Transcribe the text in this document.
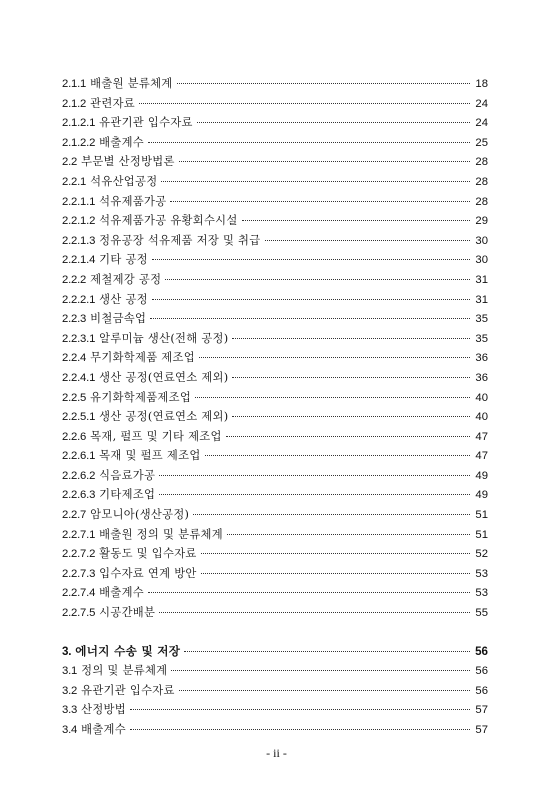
2.1.1 배출원 분류체계	18
2.1.2 관련자료	24
2.1.2.1 유관기관 입수자료	24
2.1.2.2 배출계수	25
2.2 부문별 산정방법론	28
2.2.1 석유산업공정	28
2.2.1.1 석유제품가공	28
2.2.1.2 석유제품가공 유황회수시설	29
2.2.1.3 정유공장 석유제품 저장 및 취급	30
2.2.1.4 기타 공정	30
2.2.2 제철제강 공정	31
2.2.2.1 생산 공정	31
2.2.3 비철금속업	35
2.2.3.1 알루미늄 생산(전해 공정)	35
2.2.4 무기화학제품 제조업	36
2.2.4.1 생산 공정(연료연소 제외)	36
2.2.5 유기화학제품제조업	40
2.2.5.1 생산 공정(연료연소 제외)	40
2.2.6 목재, 펄프 및 기타 제조업	47
2.2.6.1 목재 및 펄프 제조업	47
2.2.6.2 식음료가공	49
2.2.6.3 기타제조업	49
2.2.7 암모니아(생산공정)	51
2.2.7.1 배출원 정의 및 분류체계	51
2.2.7.2 활동도 및 입수자료	52
2.2.7.3 입수자료 연계 방안	53
2.2.7.4 배출계수	53
2.2.7.5 시공간배분	55
3. 에너지 수송 및 저장	56
3.1 정의 및 분류체계	56
3.2 유관기관 입수자료	56
3.3 산정방법	57
3.4 배출계수	57
- ii -
